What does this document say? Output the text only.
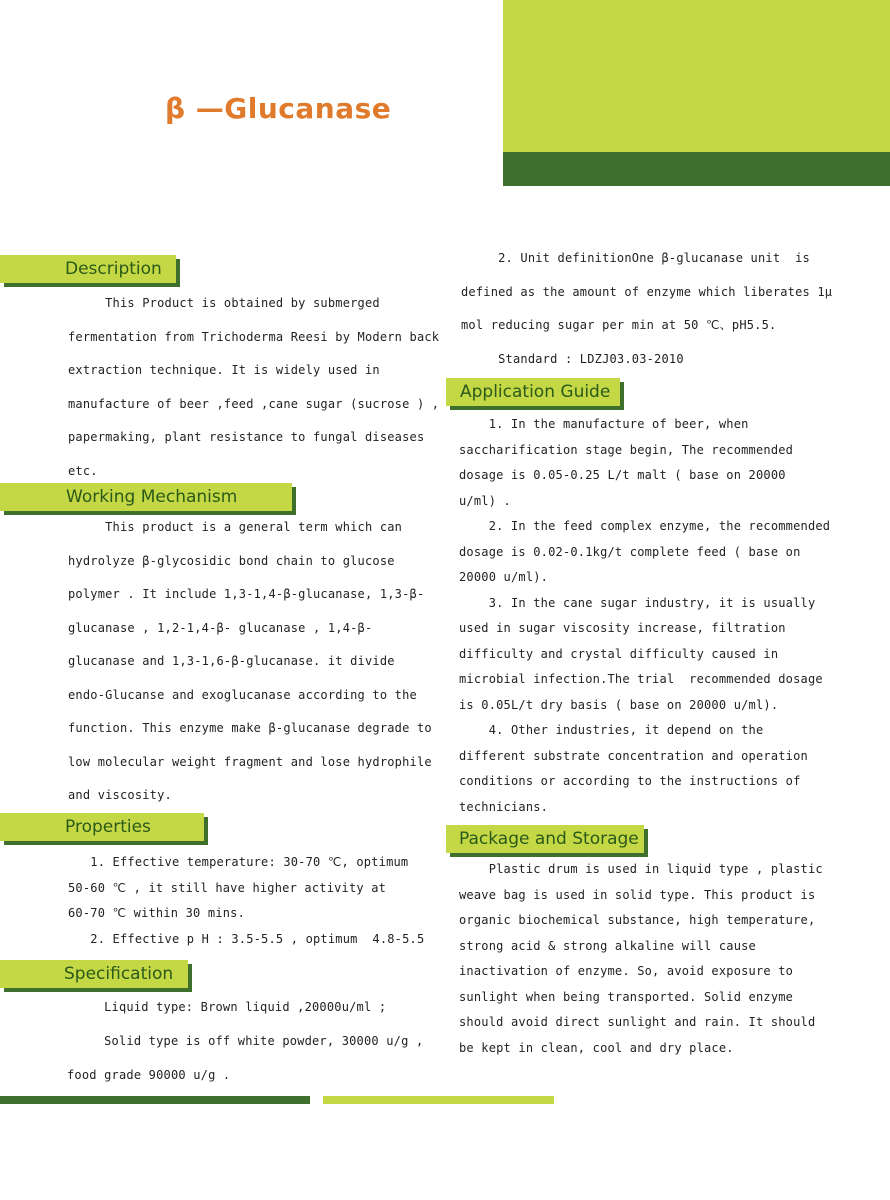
β —Glucanase
Description

This Product is obtained by submerged
fermentation from Trichoderma Reesi by Modern back
extraction technique. It is widely used in
manufacture of beer ,feed ,cane sugar (sucrose ) ,
papermaking, plant resistance to fungal diseases
etc.

Working Mechanism

This product is a general term which can
hydrolyze β-glycosidic bond chain to glucose
polymer . It include 1,3-1,4-β-glucanase, 1,3-β-
glucanase , 1,2-1,4-β- glucanase , 1,4-β-
glucanase and 1,3-1,6-β-glucanase. it divide
endo-Glucanse and exoglucanase according to the
function. This enzyme make β-glucanase degrade to
low molecular weight fragment and lose hydrophile
and viscosity.

Properties

1. Effective temperature: 30-70 ℃, optimum
50-60 ℃ , it still have higher activity at
60-70 ℃ within 30 mins.
2. Effective p H : 3.5-5.5 , optimum  4.8-5.5

Specification

Liquid type: Brown liquid ,20000u/ml ;
Solid type is off white powder, 30000 u/g ,
food grade 90000 u/g .

2. Unit definitionOne β-glucanase unit  is
defined as the amount of enzyme which liberates 1μ
mol reducing sugar per min at 50 ℃、pH5.5.
Standard : LDZJ03.03-2010

Application Guide

1. In the manufacture of beer, when
saccharification stage begin, The recommended
dosage is 0.05-0.25 L/t malt ( base on 20000
u/ml) .
2. In the feed complex enzyme, the recommended
dosage is 0.02-0.1kg/t complete feed ( base on
20000 u/ml).
3. In the cane sugar industry, it is usually
used in sugar viscosity increase, filtration
difficulty and crystal difficulty caused in
microbial infection.The trial  recommended dosage
is 0.05L/t dry basis ( base on 20000 u/ml).
4. Other industries, it depend on the
different substrate concentration and operation
conditions or according to the instructions of
technicians.

Package and Storage

Plastic drum is used in liquid type , plastic
weave bag is used in solid type. This product is
organic biochemical substance, high temperature,
strong acid & strong alkaline will cause
inactivation of enzyme. So, avoid exposure to
sunlight when being transported. Solid enzyme
should avoid direct sunlight and rain. It should
be kept in clean, cool and dry place.
